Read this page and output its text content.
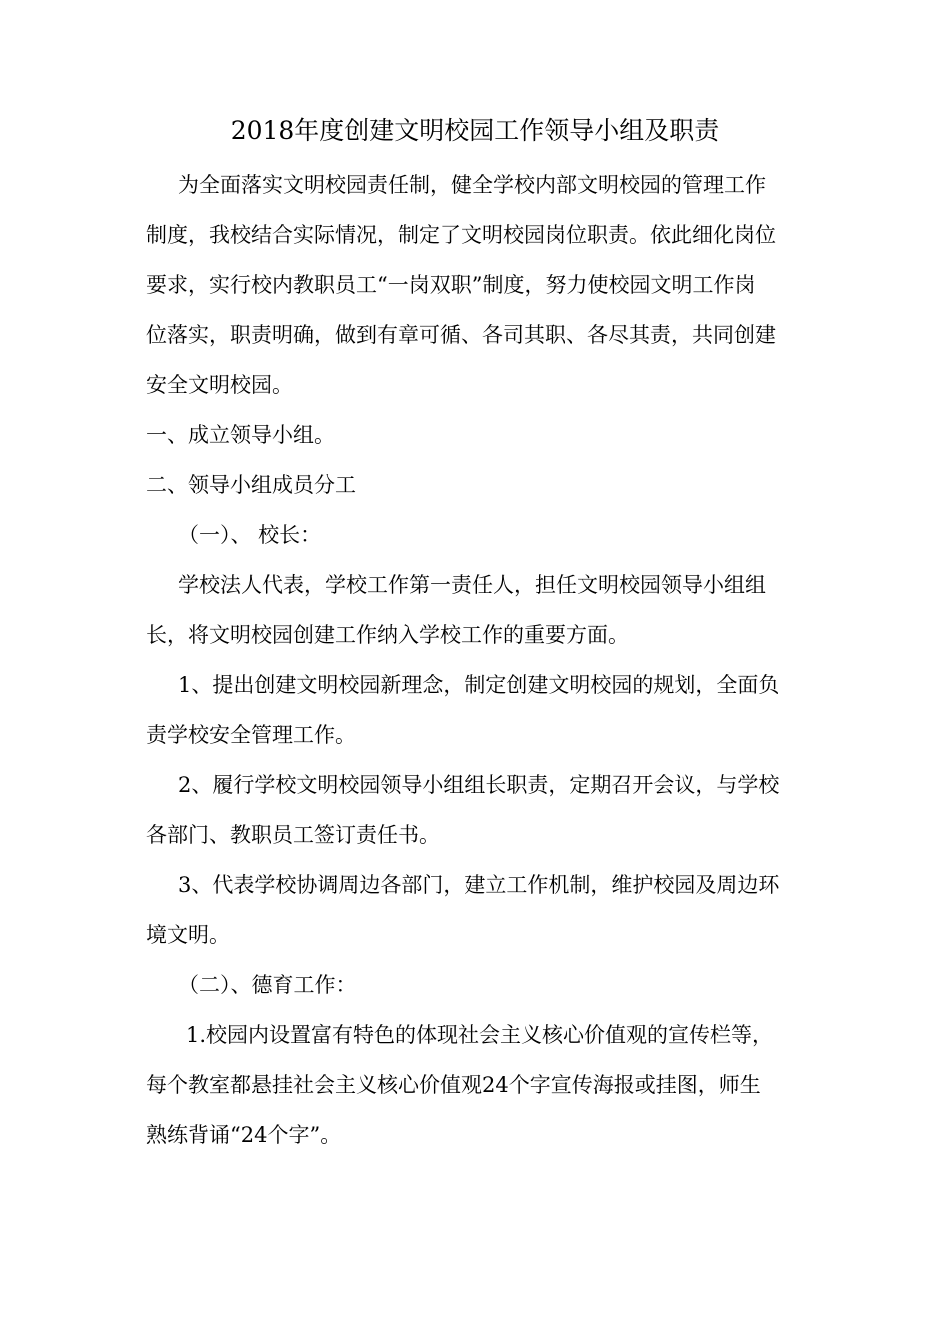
2018年度创建文明校园工作领导小组及职责
为全面落实文明校园责任制，健全学校内部文明校园的管理工作
制度，我校结合实际情况，制定了文明校园岗位职责。依此细化岗位
要求，实行校内教职员工“一岗双职”制度，努力使校园文明工作岗
位落实，职责明确，做到有章可循、各司其职、各尽其责，共同创建
安全文明校园。
一、成立领导小组。
二、领导小组成员分工
（一）、 校长：
学校法人代表，学校工作第一责任人，担任文明校园领导小组组
长，将文明校园创建工作纳入学校工作的重要方面。
1、提出创建文明校园新理念，制定创建文明校园的规划，全面负
责学校安全管理工作。
2、履行学校文明校园领导小组组长职责，定期召开会议，与学校
各部门、教职员工签订责任书。
3、代表学校协调周边各部门，建立工作机制，维护校园及周边环
境文明。
（二）、德育工作：
1.校园内设置富有特色的体现社会主义核心价值观的宣传栏等，
每个教室都悬挂社会主义核心价值观24个字宣传海报或挂图，师生
熟练背诵“24个字”。
